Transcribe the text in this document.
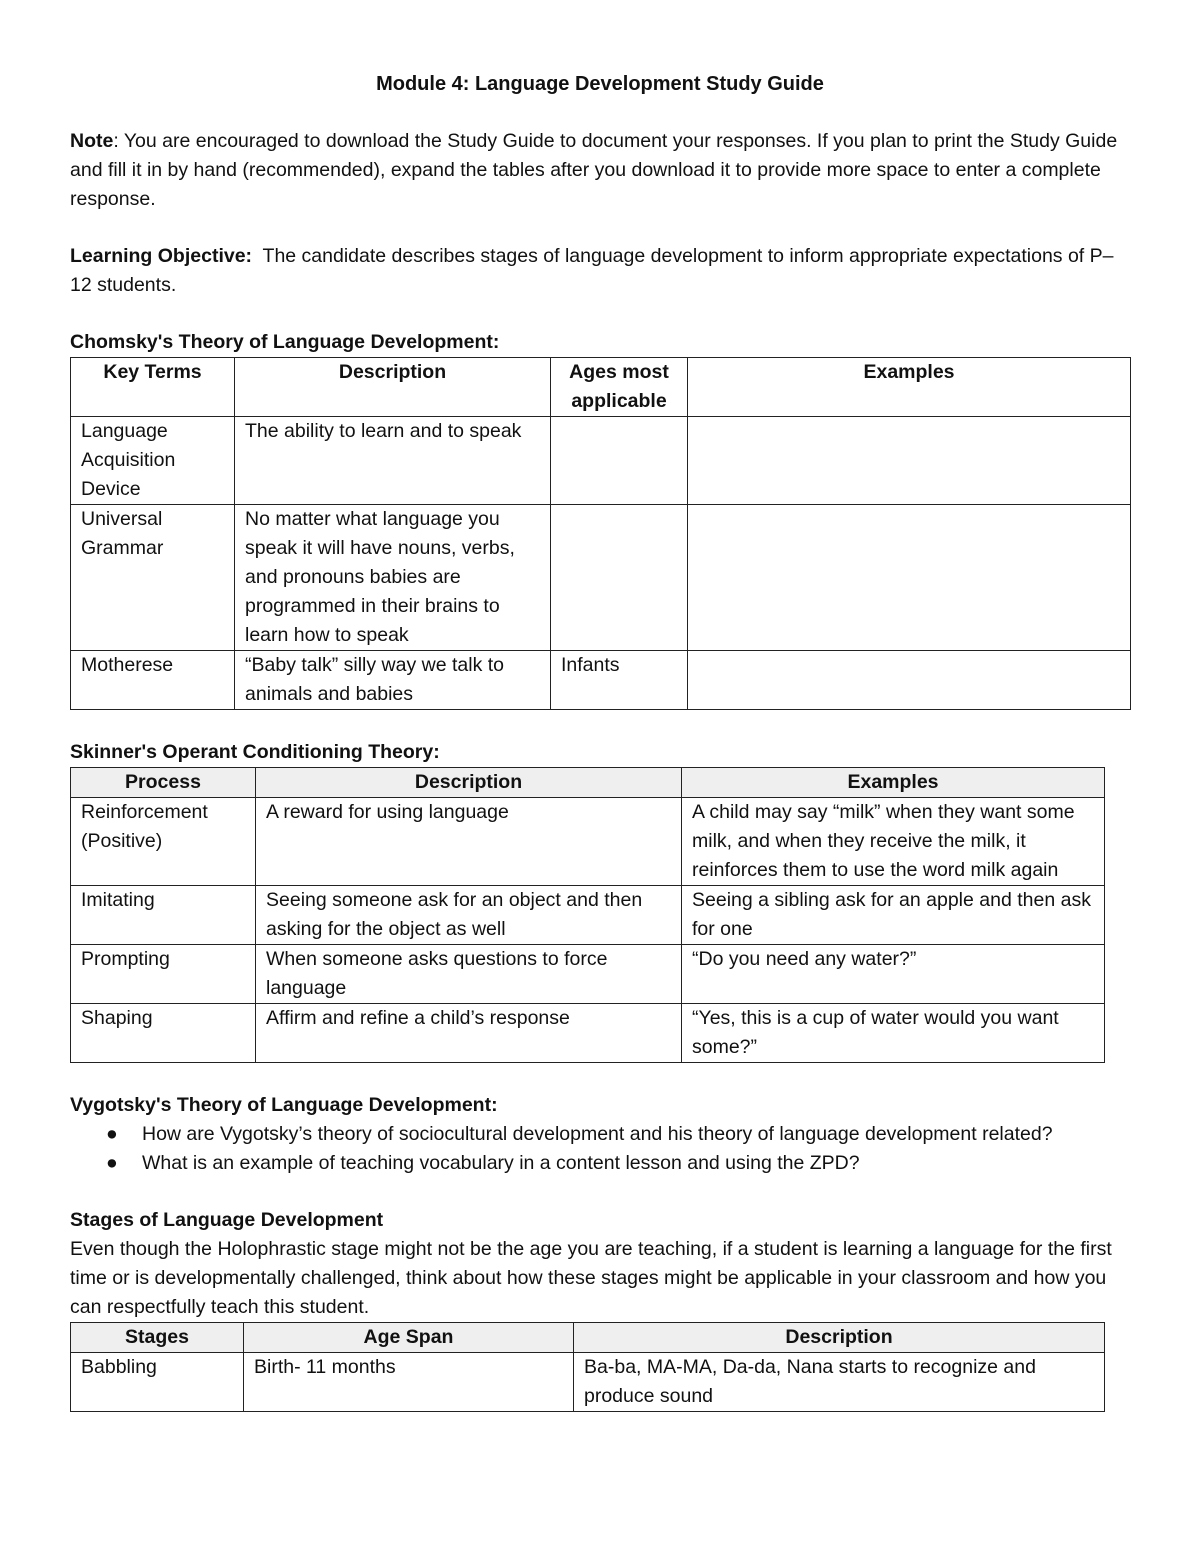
Module 4: Language Development Study Guide

Note: You are encouraged to download the Study Guide to document your responses. If you plan to print the Study Guide and fill it in by hand (recommended), expand the tables after you download it to provide more space to enter a complete response.

Learning Objective:  The candidate describes stages of language development to inform appropriate expectations of P–12 students.

Chomsky's Theory of Language Development:

Key Terms	Description	Ages most applicable	Examples
Language Acquisition Device	The ability to learn and to speak		
Universal Grammar	No matter what language you speak it will have nouns, verbs, and pronouns babies are programmed in their brains to learn how to speak		
Motherese	“Baby talk” silly way we talk to animals and babies	Infants	

Skinner's Operant Conditioning Theory:

Process	Description	Examples
Reinforcement (Positive)	A reward for using language	A child may say “milk” when they want some milk, and when they receive the milk, it reinforces them to use the word milk again
Imitating	Seeing someone ask for an object and then asking for the object as well	Seeing a sibling ask for an apple and then ask for one
Prompting	When someone asks questions to force language	“Do you need any water?”
Shaping	Affirm and refine a child’s response	“Yes, this is a cup of water would you want some?”

Vygotsky's Theory of Language Development:

● How are Vygotsky’s theory of sociocultural development and his theory of language development related?
● What is an example of teaching vocabulary in a content lesson and using the ZPD?

Stages of Language Development

Even though the Holophrastic stage might not be the age you are teaching, if a student is learning a language for the first time or is developmentally challenged, think about how these stages might be applicable in your classroom and how you can respectfully teach this student.

Stages	Age Span	Description
Babbling	Birth- 11 months	Ba-ba, MA-MA, Da-da, Nana starts to recognize and produce sound
